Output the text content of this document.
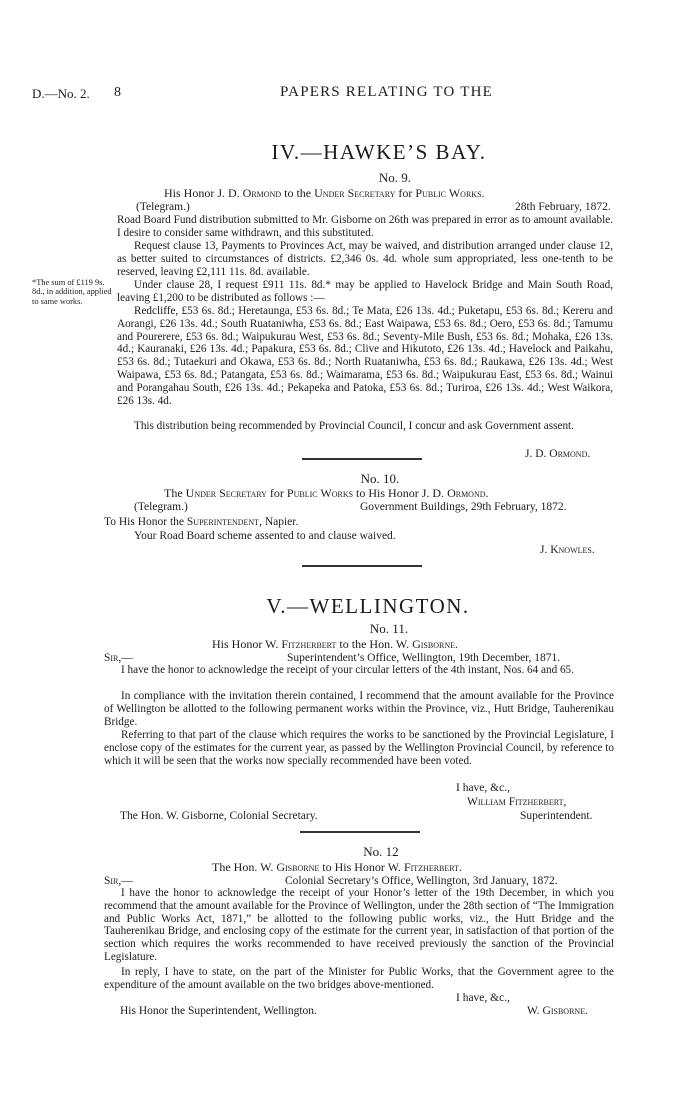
D.—No. 2. 8	PAPERS RELATING TO THE
IV.—HAWKE’S BAY.
No. 9.
His Honor J. D. Ormond to the Under Secretary for Public Works.
(Telegram.)	28th February, 1872.
Road Board Fund distribution submitted to Mr. Gisborne on 26th was prepared in error as to amount available. I desire to consider same withdrawn, and this substituted.
Request clause 13, Payments to Provinces Act, may be waived, and distribution arranged under clause 12, as better suited to circumstances of districts. £2,346 0s. 4d. whole sum appropriated, less one-tenth to be reserved, leaving £2,111 11s. 8d. available.
Under clause 28, I request £911 11s. 8d.* may be applied to Havelock Bridge and Main South Road, leaving £1,200 to be distributed as follows :—
Redcliffe, £53 6s. 8d.; Heretaunga, £53 6s. 8d.; Te Mata, £26 13s. 4d.; Puketapu, £53 6s. 8d.; Kereru and Aorangi, £26 13s. 4d.; South Ruataniwha, £53 6s. 8d.; East Waipawa, £53 6s. 8d.; Oero, £53 6s. 8d.; Tamumu and Pourerere, £53 6s. 8d.; Waipukurau West, £53 6s. 8d.; Seventy-Mile Bush, £53 6s. 8d.; Mohaka, £26 13s. 4d.; Kauranaki, £26 13s. 4d.; Papakura, £53 6s. 8d.; Clive and Hikutoto, £26 13s. 4d.; Havelock and Paikahu, £53 6s. 8d.; Tutaekuri and Okawa, £53 6s. 8d.; North Ruataniwha, £53 6s. 8d.; Raukawa, £26 13s. 4d.; West Waipawa, £53 6s. 8d.; Patangata, £53 6s. 8d.; Waimarama, £53 6s. 8d.; Waipukurau East, £53 6s. 8d.; Wainui and Porangahau South, £26 13s. 4d.; Pekapeka and Patoka, £53 6s. 8d.; Turiroa, £26 13s. 4d.; West Waikora, £26 13s. 4d.
This distribution being recommended by Provincial Council, I concur and ask Government assent.
J. D. Ormond.
*The sum of £119 9s. 8d., in addition, applied to same works.
No. 10.
The Under Secretary for Public Works to His Honor J. D. Ormond.
(Telegram.)	Government Buildings, 29th February, 1872.
To His Honor the Superintendent, Napier.
Your Road Board scheme assented to and clause waived.
J. Knowles.
V.—WELLINGTON.
No. 11.
His Honor W. Fitzherbert to the Hon. W. Gisborne.
Sir,—	Superintendent’s Office, Wellington, 19th December, 1871.
I have the honor to acknowledge the receipt of your circular letters of the 4th instant, Nos. 64 and 65.
In compliance with the invitation therein contained, I recommend that the amount available for the Province of Wellington be allotted to the following permanent works within the Province, viz., Hutt Bridge, Tauherenikau Bridge.
Referring to that part of the clause which requires the works to be sanctioned by the Provincial Legislature, I enclose copy of the estimates for the current year, as passed by the Wellington Provincial Council, by reference to which it will be seen that the works now specially recommended have been voted.
I have, &c.,
William Fitzherbert,
The Hon. W. Gisborne, Colonial Secretary.	Superintendent.
No. 12
The Hon. W. Gisborne to His Honor W. Fitzherbert.
Sir,—	Colonial Secretary’s Office, Wellington, 3rd January, 1872.
I have the honor to acknowledge the receipt of your Honor’s letter of the 19th December, in which you recommend that the amount available for the Province of Wellington, under the 28th section of “The Immigration and Public Works Act, 1871,” be allotted to the following public works, viz., the Hutt Bridge and the Tauherenikau Bridge, and enclosing copy of the estimate for the current year, in satisfaction of that portion of the section which requires the works recommended to have received previously the sanction of the Provincial Legislature.
In reply, I have to state, on the part of the Minister for Public Works, that the Government agree to the expenditure of the amount available on the two bridges above-mentioned.
I have, &c.,
His Honor the Superintendent, Wellington.	W. Gisborne.
